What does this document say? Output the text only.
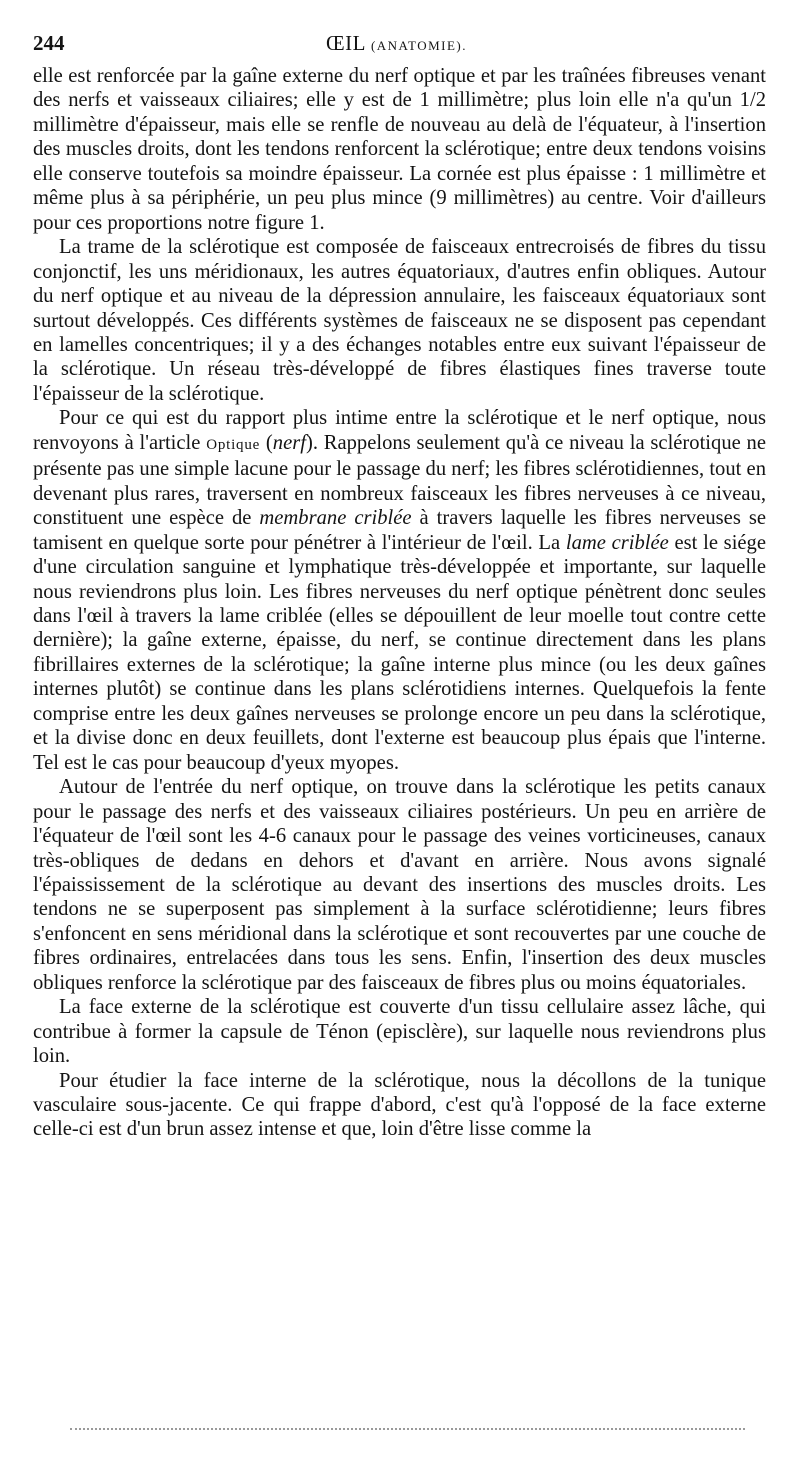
244	ŒIL (ANATOMIE).

elle est renforcée par la gaîne externe du nerf optique et par les traînées fibreuses venant des nerfs et vaisseaux ciliaires; elle y est de 1 millimètre; plus loin elle n'a qu'un 1/2 millimètre d'épaisseur, mais elle se renfle de nouveau au delà de l'équateur, à l'insertion des muscles droits, dont les tendons renforcent la sclérotique; entre deux tendons voisins elle conserve toutefois sa moindre épaisseur. La cornée est plus épaisse : 1 millimètre et même plus à sa périphérie, un peu plus mince (9 millimètres) au centre. Voir d'ailleurs pour ces proportions notre figure 1.

La trame de la sclérotique est composée de faisceaux entrecroisés de fibres du tissu conjonctif, les uns méridionaux, les autres équatoriaux, d'autres enfin obliques. Autour du nerf optique et au niveau de la dépression annulaire, les faisceaux équatoriaux sont surtout développés. Ces différents systèmes de faisceaux ne se disposent pas cependant en lamelles concentriques; il y a des échanges notables entre eux suivant l'épaisseur de la sclérotique. Un réseau très-développé de fibres élastiques fines traverse toute l'épaisseur de la sclérotique.

Pour ce qui est du rapport plus intime entre la sclérotique et le nerf optique, nous renvoyons à l'article Optique (nerf). Rappelons seulement qu'à ce niveau la sclérotique ne présente pas une simple lacune pour le passage du nerf; les fibres sclérotidiennes, tout en devenant plus rares, traversent en nombreux faisceaux les fibres nerveuses à ce niveau, constituent une espèce de membrane criblée à travers laquelle les fibres nerveuses se tamisent en quelque sorte pour pénétrer à l'intérieur de l'œil. La lame criblée est le siége d'une circulation sanguine et lymphatique très-développée et importante, sur laquelle nous reviendrons plus loin. Les fibres nerveuses du nerf optique pénètrent donc seules dans l'œil à travers la lame criblée (elles se dépouillent de leur moelle tout contre cette dernière); la gaîne externe, épaisse, du nerf, se continue directement dans les plans fibrillaires externes de la sclérotique; la gaîne interne plus mince (ou les deux gaînes internes plutôt) se continue dans les plans sclérotidiens internes. Quelquefois la fente comprise entre les deux gaînes nerveuses se prolonge encore un peu dans la sclérotique, et la divise donc en deux feuillets, dont l'externe est beaucoup plus épais que l'interne. Tel est le cas pour beaucoup d'yeux myopes.

Autour de l'entrée du nerf optique, on trouve dans la sclérotique les petits canaux pour le passage des nerfs et des vaisseaux ciliaires postérieurs. Un peu en arrière de l'équateur de l'œil sont les 4-6 canaux pour le passage des veines vorticineuses, canaux très-obliques de dedans en dehors et d'avant en arrière. Nous avons signalé l'épaississement de la sclérotique au devant des insertions des muscles droits. Les tendons ne se superposent pas simplement à la surface sclérotidienne; leurs fibres s'enfoncent en sens méridional dans la sclérotique et sont recouvertes par une couche de fibres ordinaires, entrelacées dans tous les sens. Enfin, l'insertion des deux muscles obliques renforce la sclérotique par des faisceaux de fibres plus ou moins équatoriales.

La face externe de la sclérotique est couverte d'un tissu cellulaire assez lâche, qui contribue à former la capsule de Ténon (episclère), sur laquelle nous reviendrons plus loin.

Pour étudier la face interne de la sclérotique, nous la décollons de la tunique vasculaire sous-jacente. Ce qui frappe d'abord, c'est qu'à l'opposé de la face externe celle-ci est d'un brun assez intense et que, loin d'être lisse comme la
